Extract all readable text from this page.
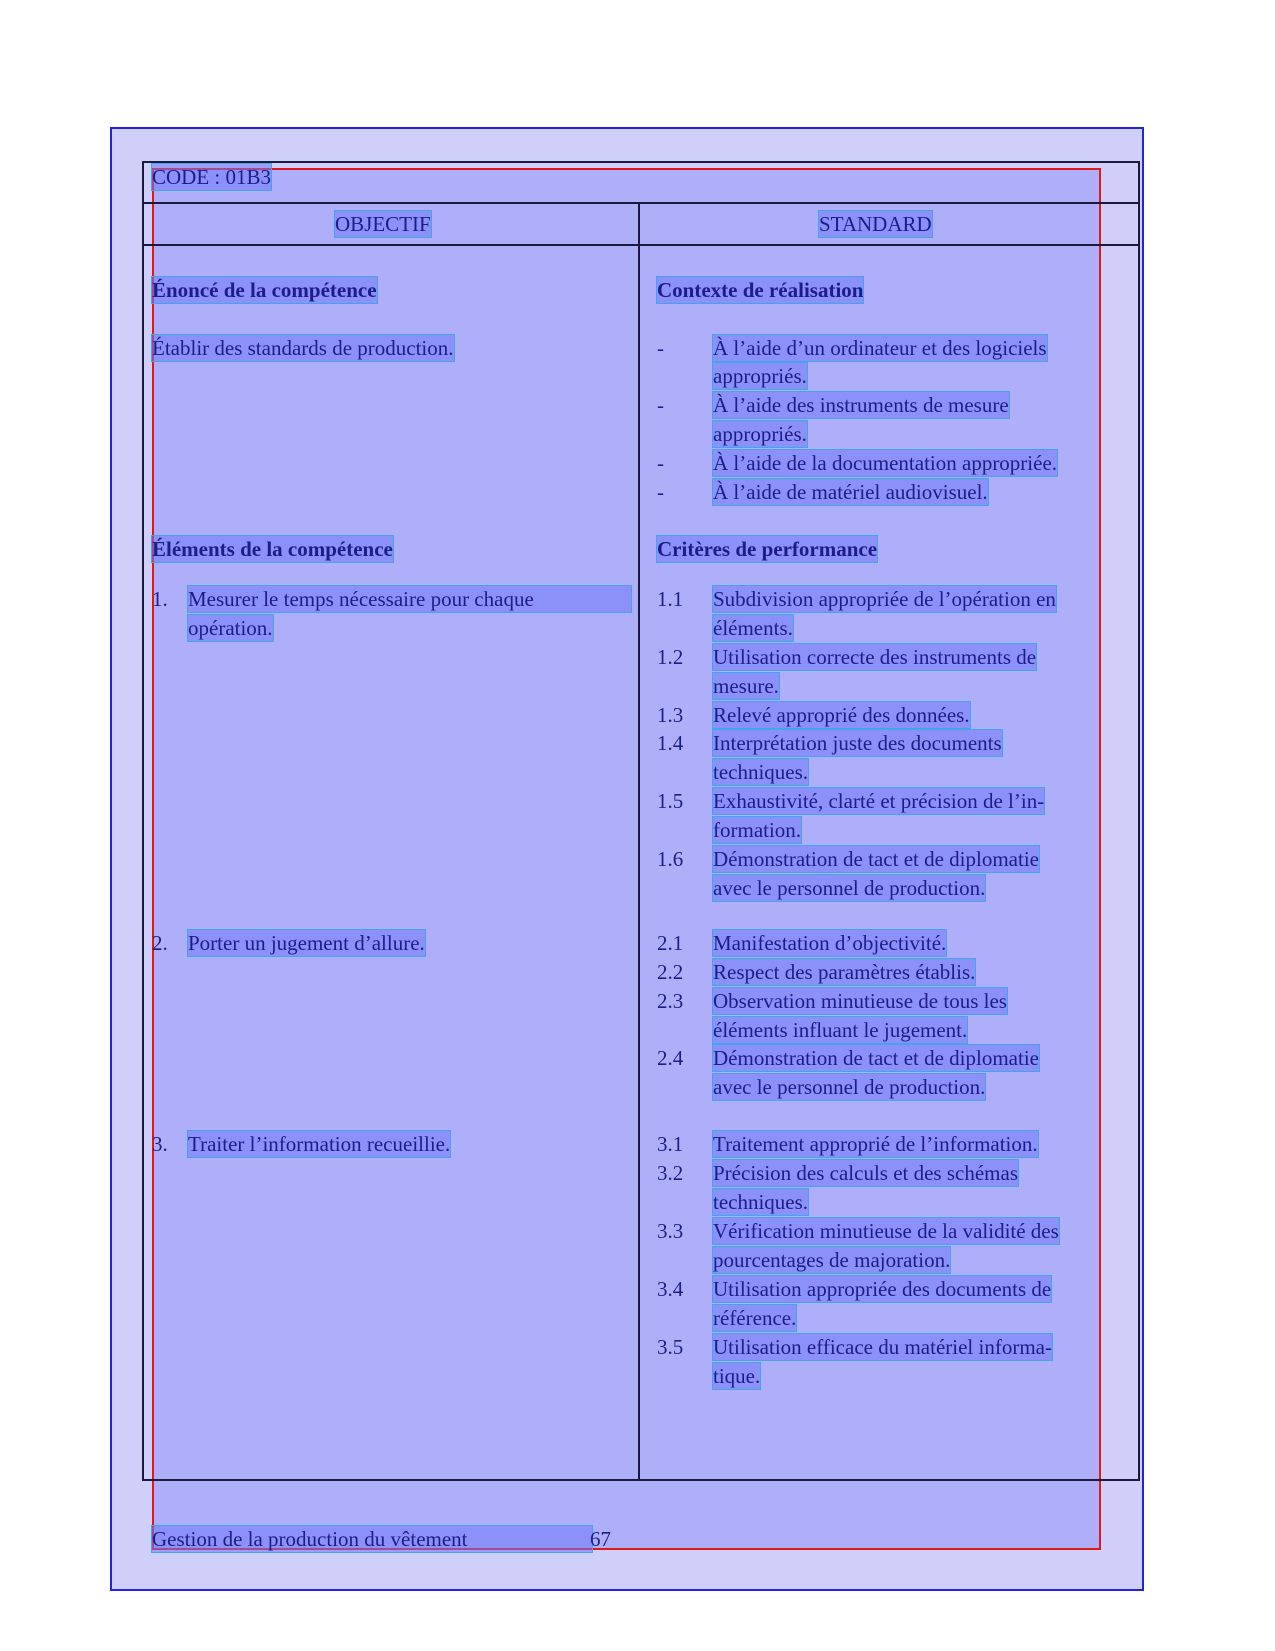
CODE : 01B3
OBJECTIF	STANDARD
Énoncé de la compétence
Établir des standards de production.
Éléments de la compétence
1. Mesurer le temps nécessaire pour chaque
opération.
2. Porter un jugement d’allure.
3. Traiter l’information recueillie.
Contexte de réalisation
- À l’aide d’un ordinateur et des logiciels
appropriés.
- À l’aide des instruments de mesure
appropriés.
- À l’aide de la documentation appropriée.
- À l’aide de matériel audiovisuel.
Critères de performance
1.1 Subdivision appropriée de l’opération en
éléments.
1.2 Utilisation correcte des instruments de
mesure.
1.3 Relevé approprié des données.
1.4 Interprétation juste des documents
techniques.
1.5 Exhaustivité, clarté et précision de l’in-
formation.
1.6 Démonstration de tact et de diplomatie
avec le personnel de production.
2.1 Manifestation d’objectivité.
2.2 Respect des paramètres établis.
2.3 Observation minutieuse de tous les
éléments influant le jugement.
2.4 Démonstration de tact et de diplomatie
avec le personnel de production.
3.1 Traitement approprié de l’information.
3.2 Précision des calculs et des schémas
techniques.
3.3 Vérification minutieuse de la validité des
pourcentages de majoration.
3.4 Utilisation appropriée des documents de
référence.
3.5 Utilisation efficace du matériel informa-
tique.
Gestion de la production du vêtement	67
